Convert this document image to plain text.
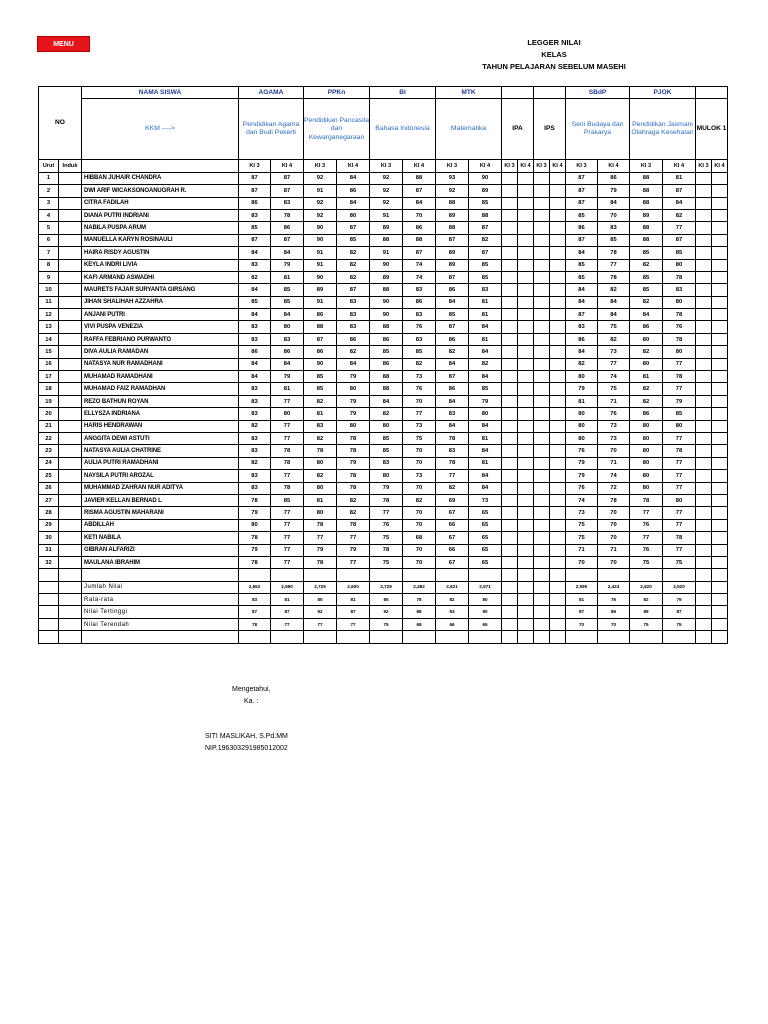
MENU	LEGGER NILAI
KELAS
TAHUN PELAJARAN SEBELUM MASEHI
NO		NAMA SISWA	AGAMA		PPKn		BI		MTK						SBdP		PJOK			
		KKM ---->	Pendidikan Agama dan Budi Pekerti		Pendidikan Pancasila dan Kewarganegaraan		Bahasa Indonesia		Matematika		IPA		IPS		Seni Budaya dan Prakarya		Pendidikan Jasmani Olahraga Kesehatan		MULOK 1	
Urut	Induk		KI 3	KI 4	KI 3	KI 4	KI 3	KI 4	KI 3	KI 4	KI 3	KI 4	KI 3	KI 4	KI 3	KI 4	KI 3	KI 4	KI 3	KI 4
1		HIBBAN JUHAIR CHANDRA	87	87	92	84	92	88	93	90					87	86	88	81		
2		DWI ARIF WICAKSONOANUGRAH R.	87	87	91	86	92	87	92	89					87	79	88	87		
3		CITRA FADILAH	86	83	92	84	92	84	88	85					87	84	88	84		
4		DIANA PUTRI INDRIANI	83	78	92	80	91	70	89	88					85	70	89	82		
5		NABILA PUSPA ARUM	85	86	90	87	89	86	88	87					86	83	88	77		
6		MANUELLA KARYN ROSINAULI	87	87	90	85	88	88	87	82					87	85	88	87		
7		HAIRA RISDY AGUSTIN	84	84	91	82	91	87	89	87					84	78	85	85		
8		KEYLA INDRI LIVIA	83	79	91	82	90	74	89	85					85	77	82	80		
9		KAFI ARMAND ASWADHI	82	81	90	82	89	74	87	85					85	78	85	78		
10		MAURETS FAJAR SURYANTA GIRSANG	84	85	89	87	88	83	86	83					84	82	85	83		
11		JIHAN SHALIHAH AZZAHRA	85	85	91	83	90	86	84	81					84	84	82	80		
12		ANJANI PUTRI	84	84	86	83	90	83	85	81					87	84	84	78		
13		VIVI PUSPA VENEZIA	83	80	88	83	88	76	87	84					83	75	86	76		
14		RAFFA FEBRIANO PURWANTO	83	83	87	86	86	83	86	81					86	82	80	78		
15		DIVA AULIA RAMADAN	86	86	86	82	85	85	82	84					84	73	82	80		
16		NATASYA NUR RAMADHANI	84	84	90	84	86	82	84	82					82	77	80	77		
17		MUHAMAD RAMADHANI	84	79	85	79	88	73	87	84					80	74	81	78		
18		MUHAMAD FAIZ RAMADHAN	83	81	85	80	88	76	86	85					79	75	82	77		
19		REZO BATHUN ROYAN	83	77	82	79	84	70	84	79					81	71	82	79		
20		ELLYSZA INDRIANA	83	80	81	79	82	77	83	80					80	76	86	85		
21		HARIS HENDRAWAN	82	77	83	80	80	73	84	84					80	73	80	80		
22		ANGGITA DEWI ASTUTI	83	77	82	78	85	75	78	81					80	73	80	77		
23		NATASYA AULIA CHATRINE	83	78	78	78	85	70	83	84					76	70	80	78		
24		AULIA PUTRI RAMADHANI	82	78	80	79	83	70	78	81					79	71	80	77		
25		NAYSILA PUTRI AROZAL	83	77	82	78	80	73	77	84					79	74	80	77		
26		MUHAMMAD ZAHRAN NUR ADITYA	83	78	80	78	79	70	82	84					76	72	80	77		
27		JAVIER KELLAN BERNAD L	78	85	81	82	78	82	69	73					74	78	78	80		
28		RISMA AGUSTIN MAHARANI	79	77	80	82	77	70	67	65					73	70	77	77		
29		ABDILLAH	80	77	78	78	76	70	66	65					75	70	76	77		
30		KETI NABILA	78	77	77	77	75	68	67	65					75	70	77	78		
31		GIBRAN ALFARIZI	79	77	79	79	78	70	66	65					71	71	76	77		
32		MAULANA IBRAHIM	78	77	78	77	75	70	67	65					70	70	75	75		

		Jumlah Nilai	2,652	2,590	2,725	2,600	2,729	2,482	2,621	2,571					2,590	2,424	2,620	2,520		
		Rata-rata	83	81	85	81	85	78	82	80					81	76	82	79		
		Nilai Tertinggi	87	87	92	87	92	88	93	90					87	86	89	87		
		Nilai Terendah	78	77	77	77	75	68	66	65					70	70	75	75		

Mengetahui,
Ka. :
SITI MASLIKAH, S.Pd.MM
NIP.196303291985012002
